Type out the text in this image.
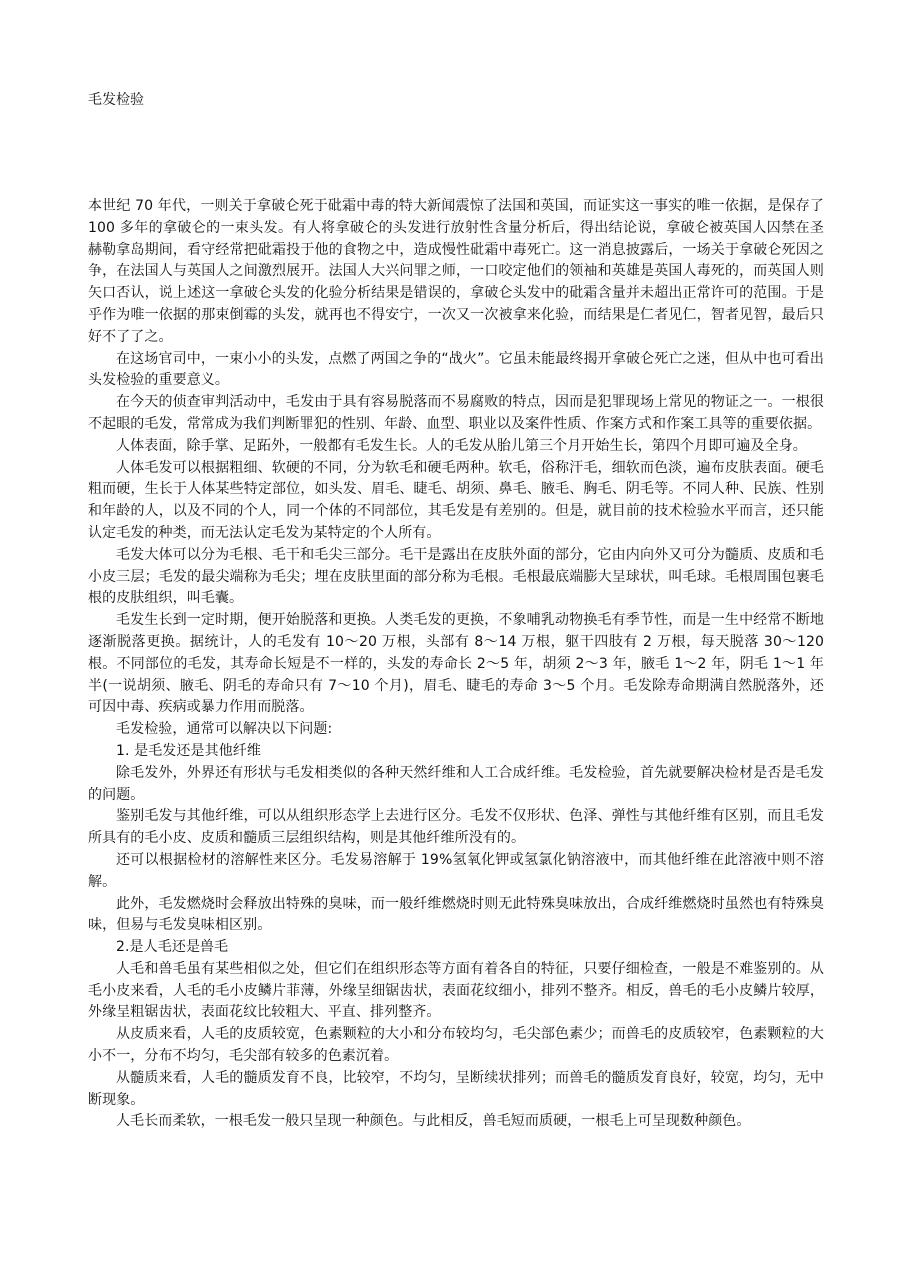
毛发检验

本世纪 70 年代，一则关于拿破仑死于砒霜中毒的特大新闻震惊了法国和英国，而证实这一事实的唯一依据，是保存了 100 多年的拿破仑的一束头发。有人将拿破仑的头发进行放射性含量分析后，得出结论说，拿破仑被英国人囚禁在圣赫勒拿岛期间，看守经常把砒霜投于他的食物之中，造成慢性砒霜中毒死亡。这一消息披露后，一场关于拿破仑死因之争，在法国人与英国人之间激烈展开。法国人大兴问罪之师，一口咬定他们的领袖和英雄是英国人毒死的，而英国人则矢口否认，说上述这一拿破仑头发的化验分析结果是错误的，拿破仑头发中的砒霜含量并未超出正常许可的范围。于是乎作为唯一依据的那束倒霉的头发，就再也不得安宁，一次又一次被拿来化验，而结果是仁者见仁，智者见智，最后只好不了了之。

在这场官司中，一束小小的头发，点燃了两国之争的“战火”。它虽未能最终揭开拿破仑死亡之迷，但从中也可看出头发检验的重要意义。

在今天的侦查审判活动中，毛发由于具有容易脱落而不易腐败的特点，因而是犯罪现场上常见的物证之一。一根很不起眼的毛发，常常成为我们判断罪犯的性别、年龄、血型、职业以及案件性质、作案方式和作案工具等的重要依据。

人体表面，除手掌、足跖外，一般都有毛发生长。人的毛发从胎儿第三个月开始生长，第四个月即可遍及全身。

人体毛发可以根据粗细、软硬的不同，分为软毛和硬毛两种。软毛，俗称汗毛，细软而色淡，遍布皮肤表面。硬毛粗而硬，生长于人体某些特定部位，如头发、眉毛、睫毛、胡须、鼻毛、腋毛、胸毛、阴毛等。不同人种、民族、性别和年龄的人，以及不同的个人，同一个体的不同部位，其毛发是有差别的。但是，就目前的技术检验水平而言，还只能认定毛发的种类，而无法认定毛发为某特定的个人所有。

毛发大体可以分为毛根、毛干和毛尖三部分。毛干是露出在皮肤外面的部分，它由内向外又可分为髓质、皮质和毛小皮三层；毛发的最尖端称为毛尖；埋在皮肤里面的部分称为毛根。毛根最底端膨大呈球状，叫毛球。毛根周围包裹毛根的皮肤组织，叫毛囊。

毛发生长到一定时期，便开始脱落和更换。人类毛发的更换，不象哺乳动物换毛有季节性，而是一生中经常不断地逐渐脱落更换。据统计，人的毛发有 10～20 万根，头部有 8～14 万根，躯干四肢有 2 万根，每天脱落 30～120 根。不同部位的毛发，其寿命长短是不一样的，头发的寿命长 2～5 年，胡须 2～3 年，腋毛 1～2 年，阴毛 1～1 年半(一说胡须、腋毛、阴毛的寿命只有 7～10 个月)，眉毛、睫毛的寿命 3～5 个月。毛发除寿命期满自然脱落外，还可因中毒、疾病或暴力作用而脱落。

毛发检验，通常可以解决以下问题:

1. 是毛发还是其他纤维

除毛发外，外界还有形状与毛发相类似的各种天然纤维和人工合成纤维。毛发检验，首先就要解决检材是否是毛发的问题。

鉴别毛发与其他纤维，可以从组织形态学上去进行区分。毛发不仅形状、色泽、弹性与其他纤维有区别，而且毛发所具有的毛小皮、皮质和髓质三层组织结构，则是其他纤维所没有的。

还可以根据检材的溶解性来区分。毛发易溶解于 19%氢氧化钾或氢氯化钠溶液中，而其他纤维在此溶液中则不溶解。

此外，毛发燃烧时会释放出特殊的臭味，而一般纤维燃烧时则无此特殊臭味放出，合成纤维燃烧时虽然也有特殊臭味，但易与毛发臭味相区别。

2.是人毛还是兽毛

人毛和兽毛虽有某些相似之处，但它们在组织形态等方面有着各自的特征，只要仔细检查，一般是不难鉴别的。从毛小皮来看，人毛的毛小皮鳞片菲薄，外缘呈细锯齿状，表面花纹细小，排列不整齐。相反，兽毛的毛小皮鳞片较厚，外缘呈粗锯齿状，表面花纹比较粗大、平直、排列整齐。

从皮质来看，人毛的皮质较宽，色素颗粒的大小和分布较均匀，毛尖部色素少；而兽毛的皮质较窄，色素颗粒的大小不一，分布不均匀，毛尖部有较多的色素沉着。

从髓质来看，人毛的髓质发育不良，比较窄，不均匀，呈断续状排列；而兽毛的髓质发育良好，较宽，均匀，无中断现象。

人毛长而柔软，一根毛发一般只呈现一种颜色。与此相反，兽毛短而质硬，一根毛上可呈现数种颜色。
